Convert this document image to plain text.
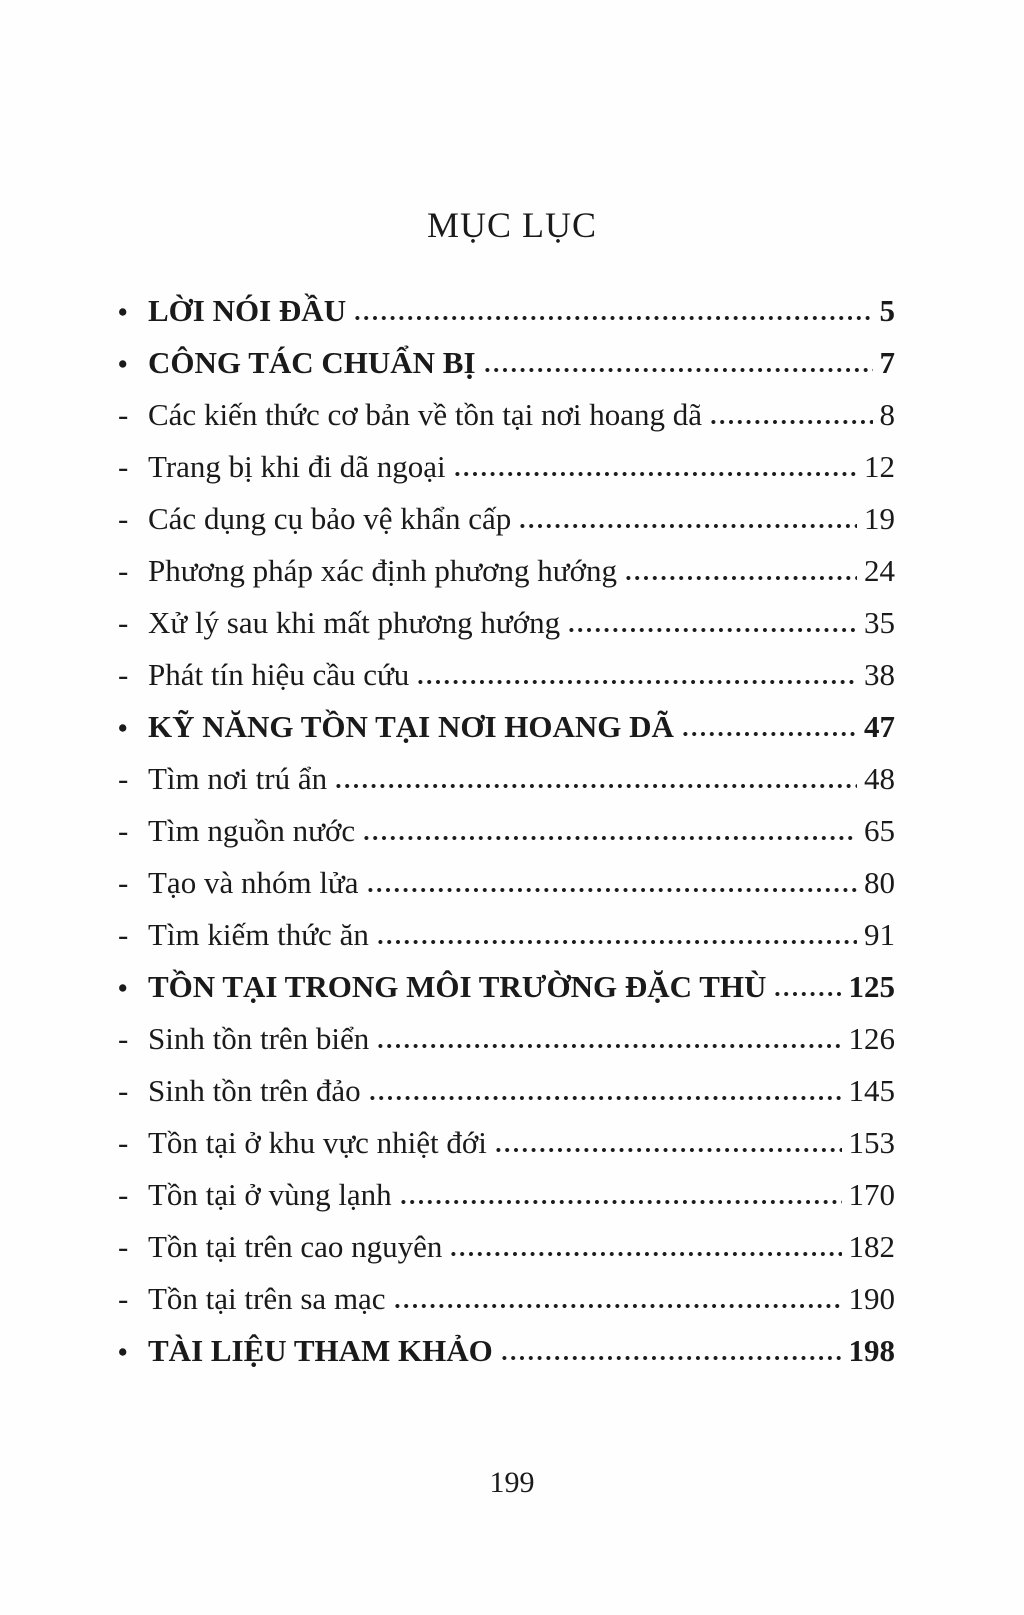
MỤC LỤC
• LỜI NÓI ĐẦU	5
• CÔNG TÁC CHUẨN BỊ	7
- Các kiến thức cơ bản về tồn tại nơi hoang dã	8
- Trang bị khi đi dã ngoại	12
- Các dụng cụ bảo vệ khẩn cấp	19
- Phương pháp xác định phương hướng	24
- Xử lý sau khi mất phương hướng	35
- Phát tín hiệu cầu cứu	38
• KỸ NĂNG TỒN TẠI NƠI HOANG DÃ	47
- Tìm nơi trú ẩn	48
- Tìm nguồn nước	65
- Tạo và nhóm lửa	80
- Tìm kiếm thức ăn	91
• TỒN TẠI TRONG MÔI TRƯỜNG ĐẶC THÙ	125
- Sinh tồn trên biển	126
- Sinh tồn trên đảo	145
- Tồn tại ở khu vực nhiệt đới	153
- Tồn tại ở vùng lạnh	170
- Tồn tại trên cao nguyên	182
- Tồn tại trên sa mạc	190
• TÀI LIỆU THAM KHẢO	198
199
